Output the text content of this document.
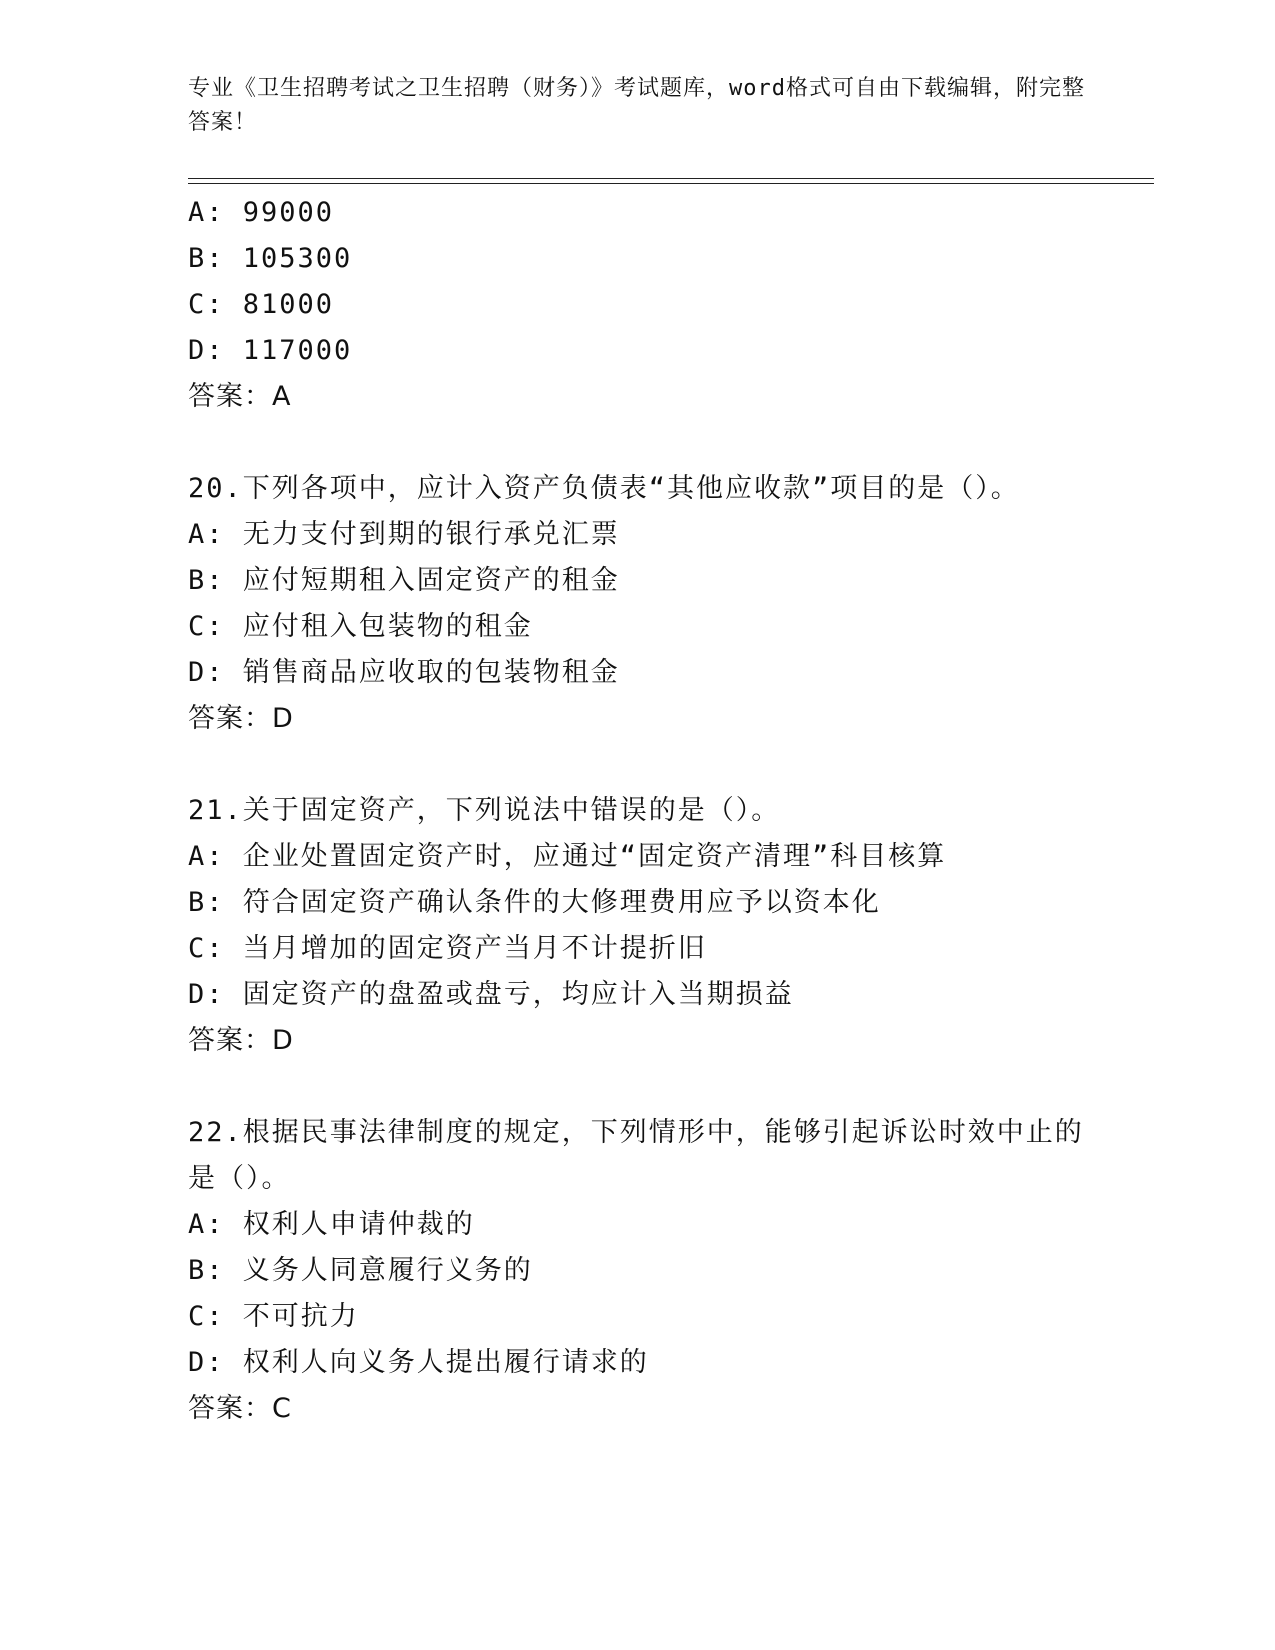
专业《卫生招聘考试之卫生招聘（财务）》考试题库，word格式可自由下载编辑，附完整答案！
A: 99000
B: 105300
C: 81000
D: 117000
答案：A
20.下列各项中，应计入资产负债表“其他应收款”项目的是（）。
A: 无力支付到期的银行承兑汇票
B: 应付短期租入固定资产的租金
C: 应付租入包装物的租金
D: 销售商品应收取的包装物租金
答案：D
21.关于固定资产，下列说法中错误的是（）。
A: 企业处置固定资产时，应通过“固定资产清理”科目核算
B: 符合固定资产确认条件的大修理费用应予以资本化
C: 当月增加的固定资产当月不计提折旧
D: 固定资产的盘盈或盘亏，均应计入当期损益
答案：D
22.根据民事法律制度的规定，下列情形中，能够引起诉讼时效中止的
是（）。
A: 权利人申请仲裁的
B: 义务人同意履行义务的
C: 不可抗力
D: 权利人向义务人提出履行请求的
答案：C
